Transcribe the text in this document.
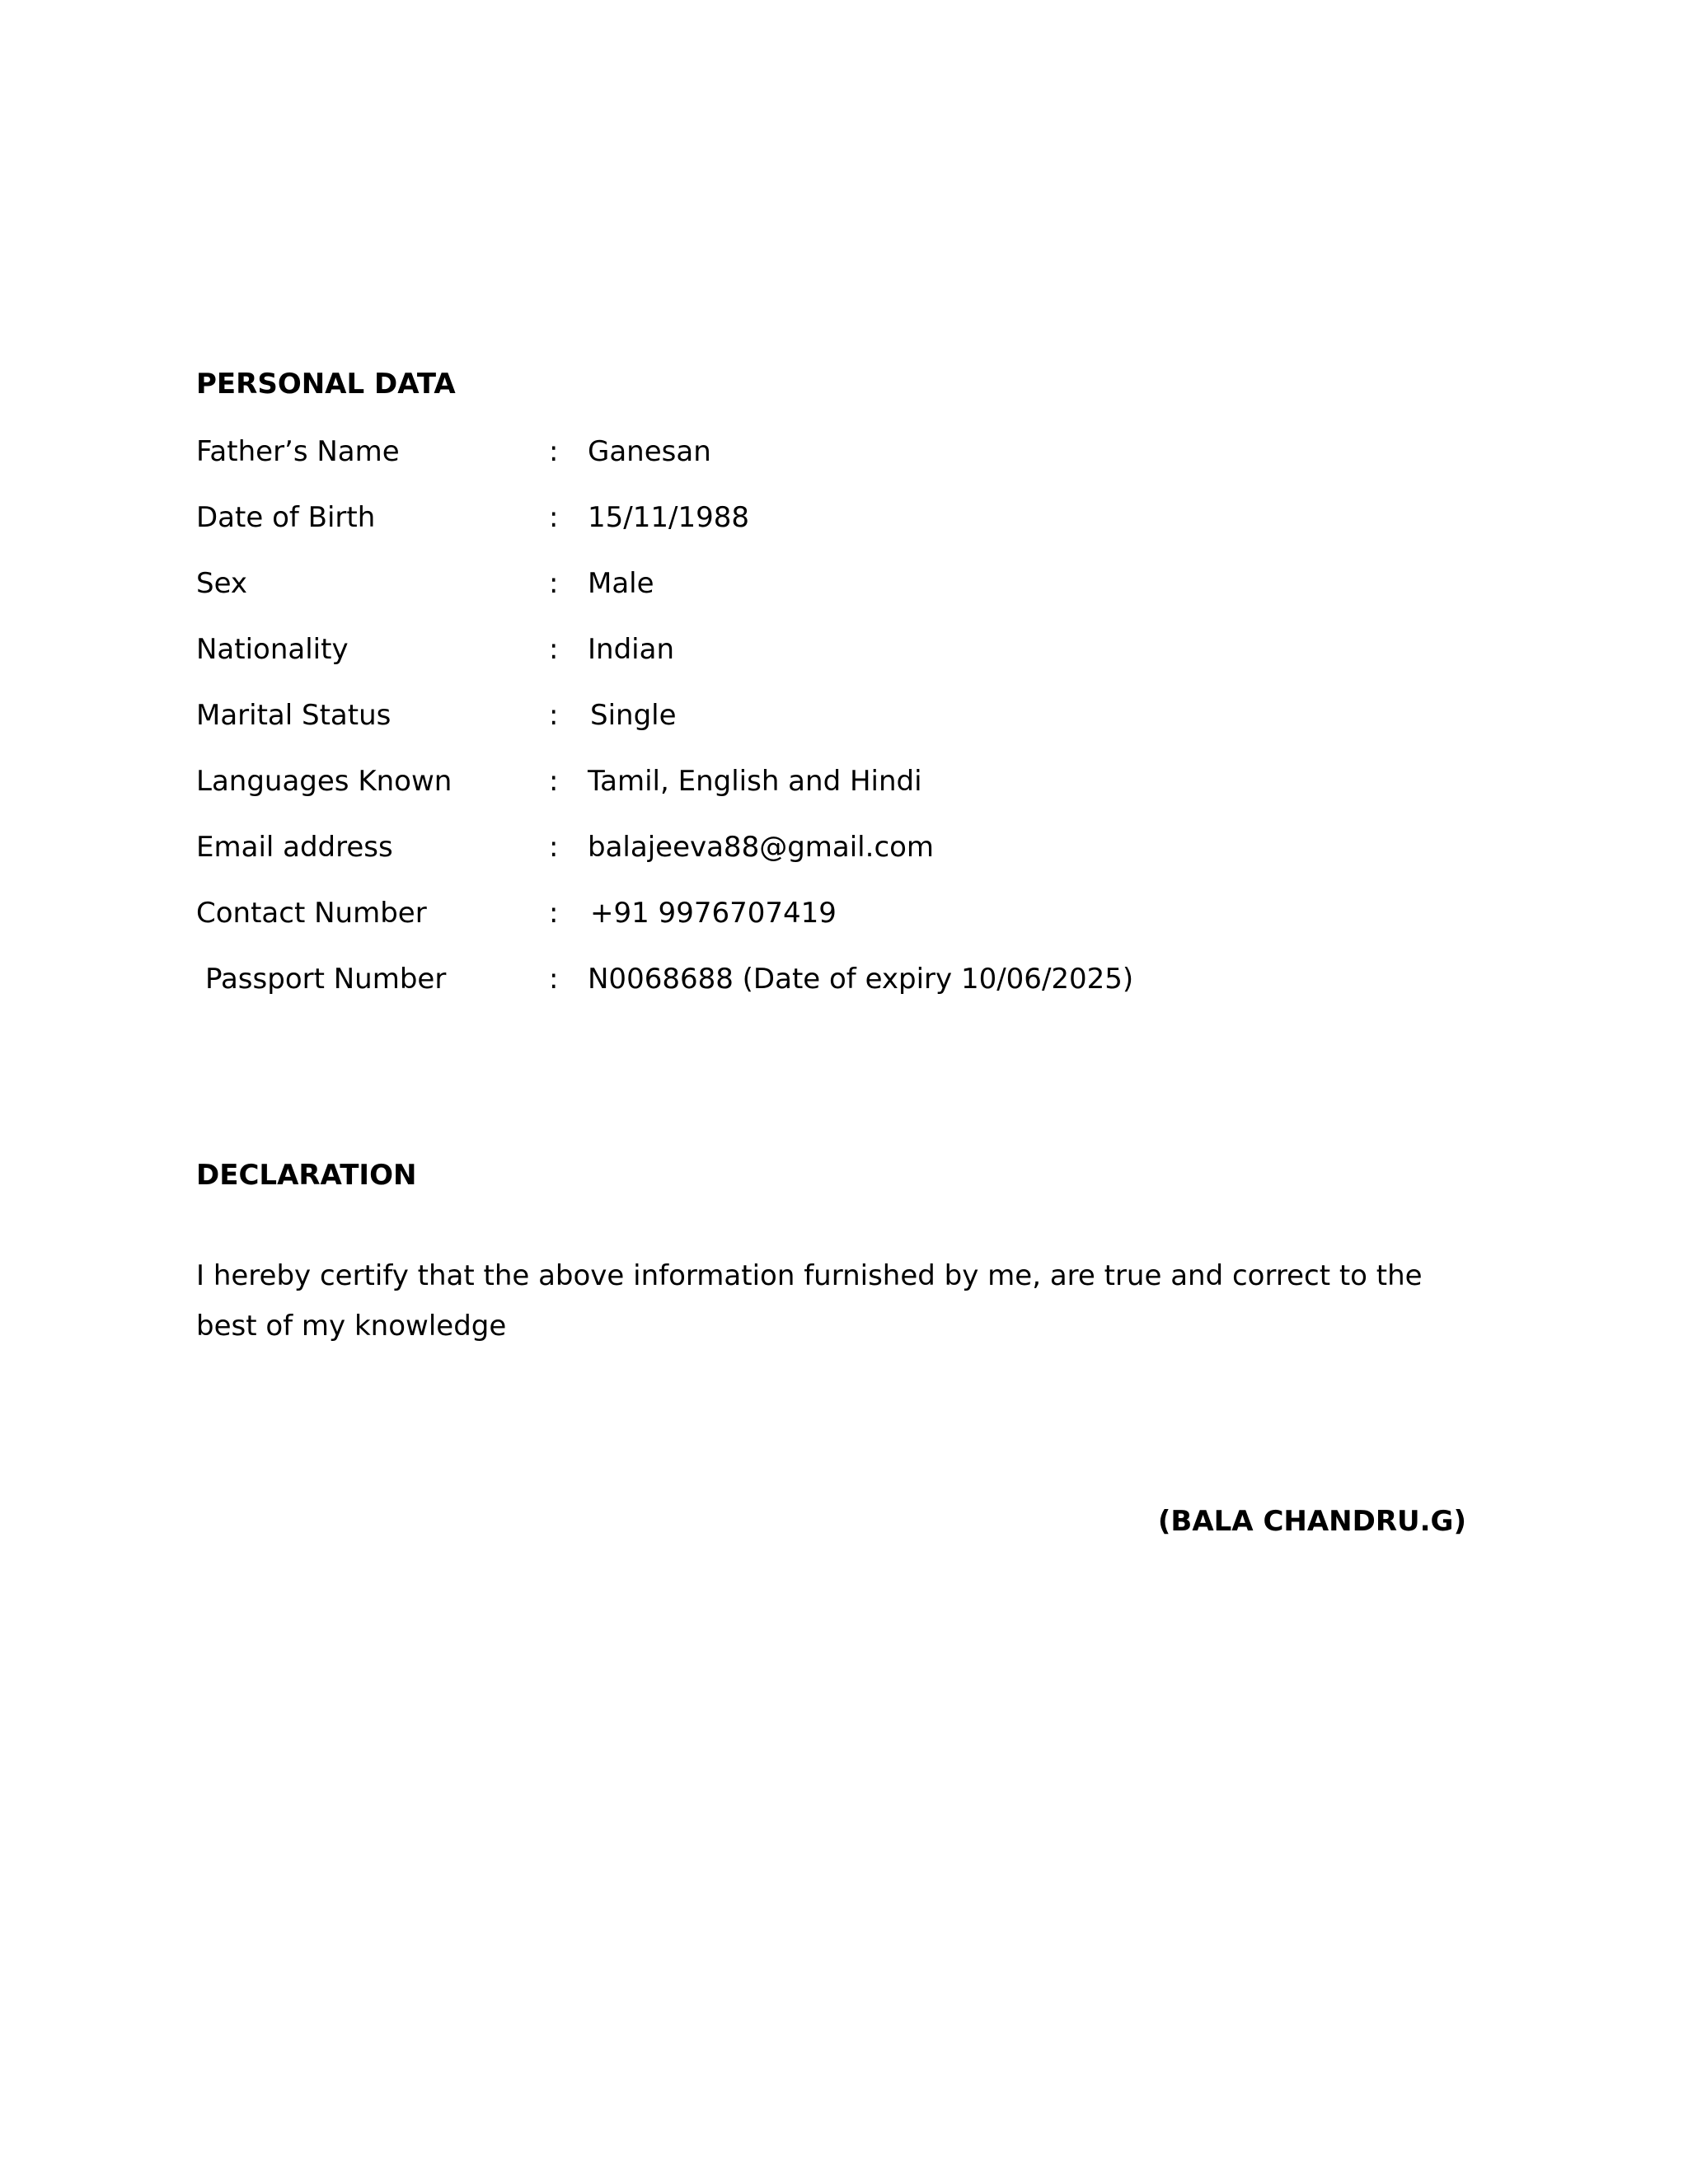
PERSONAL DATA
Father’s Name	: Ganesan
Date of Birth	: 15/11/1988
Sex	: Male
Nationality	: Indian
Marital Status	: Single
Languages Known	: Tamil, English and Hindi
Email address	: balajeeva88@gmail.com
Contact Number	: +91 9976707419
Passport Number	: N0068688 (Date of expiry 10/06/2025)
DECLARATION

I hereby certify that the above information furnished by me, are true and correct to the best of my knowledge

(BALA CHANDRU.G)
